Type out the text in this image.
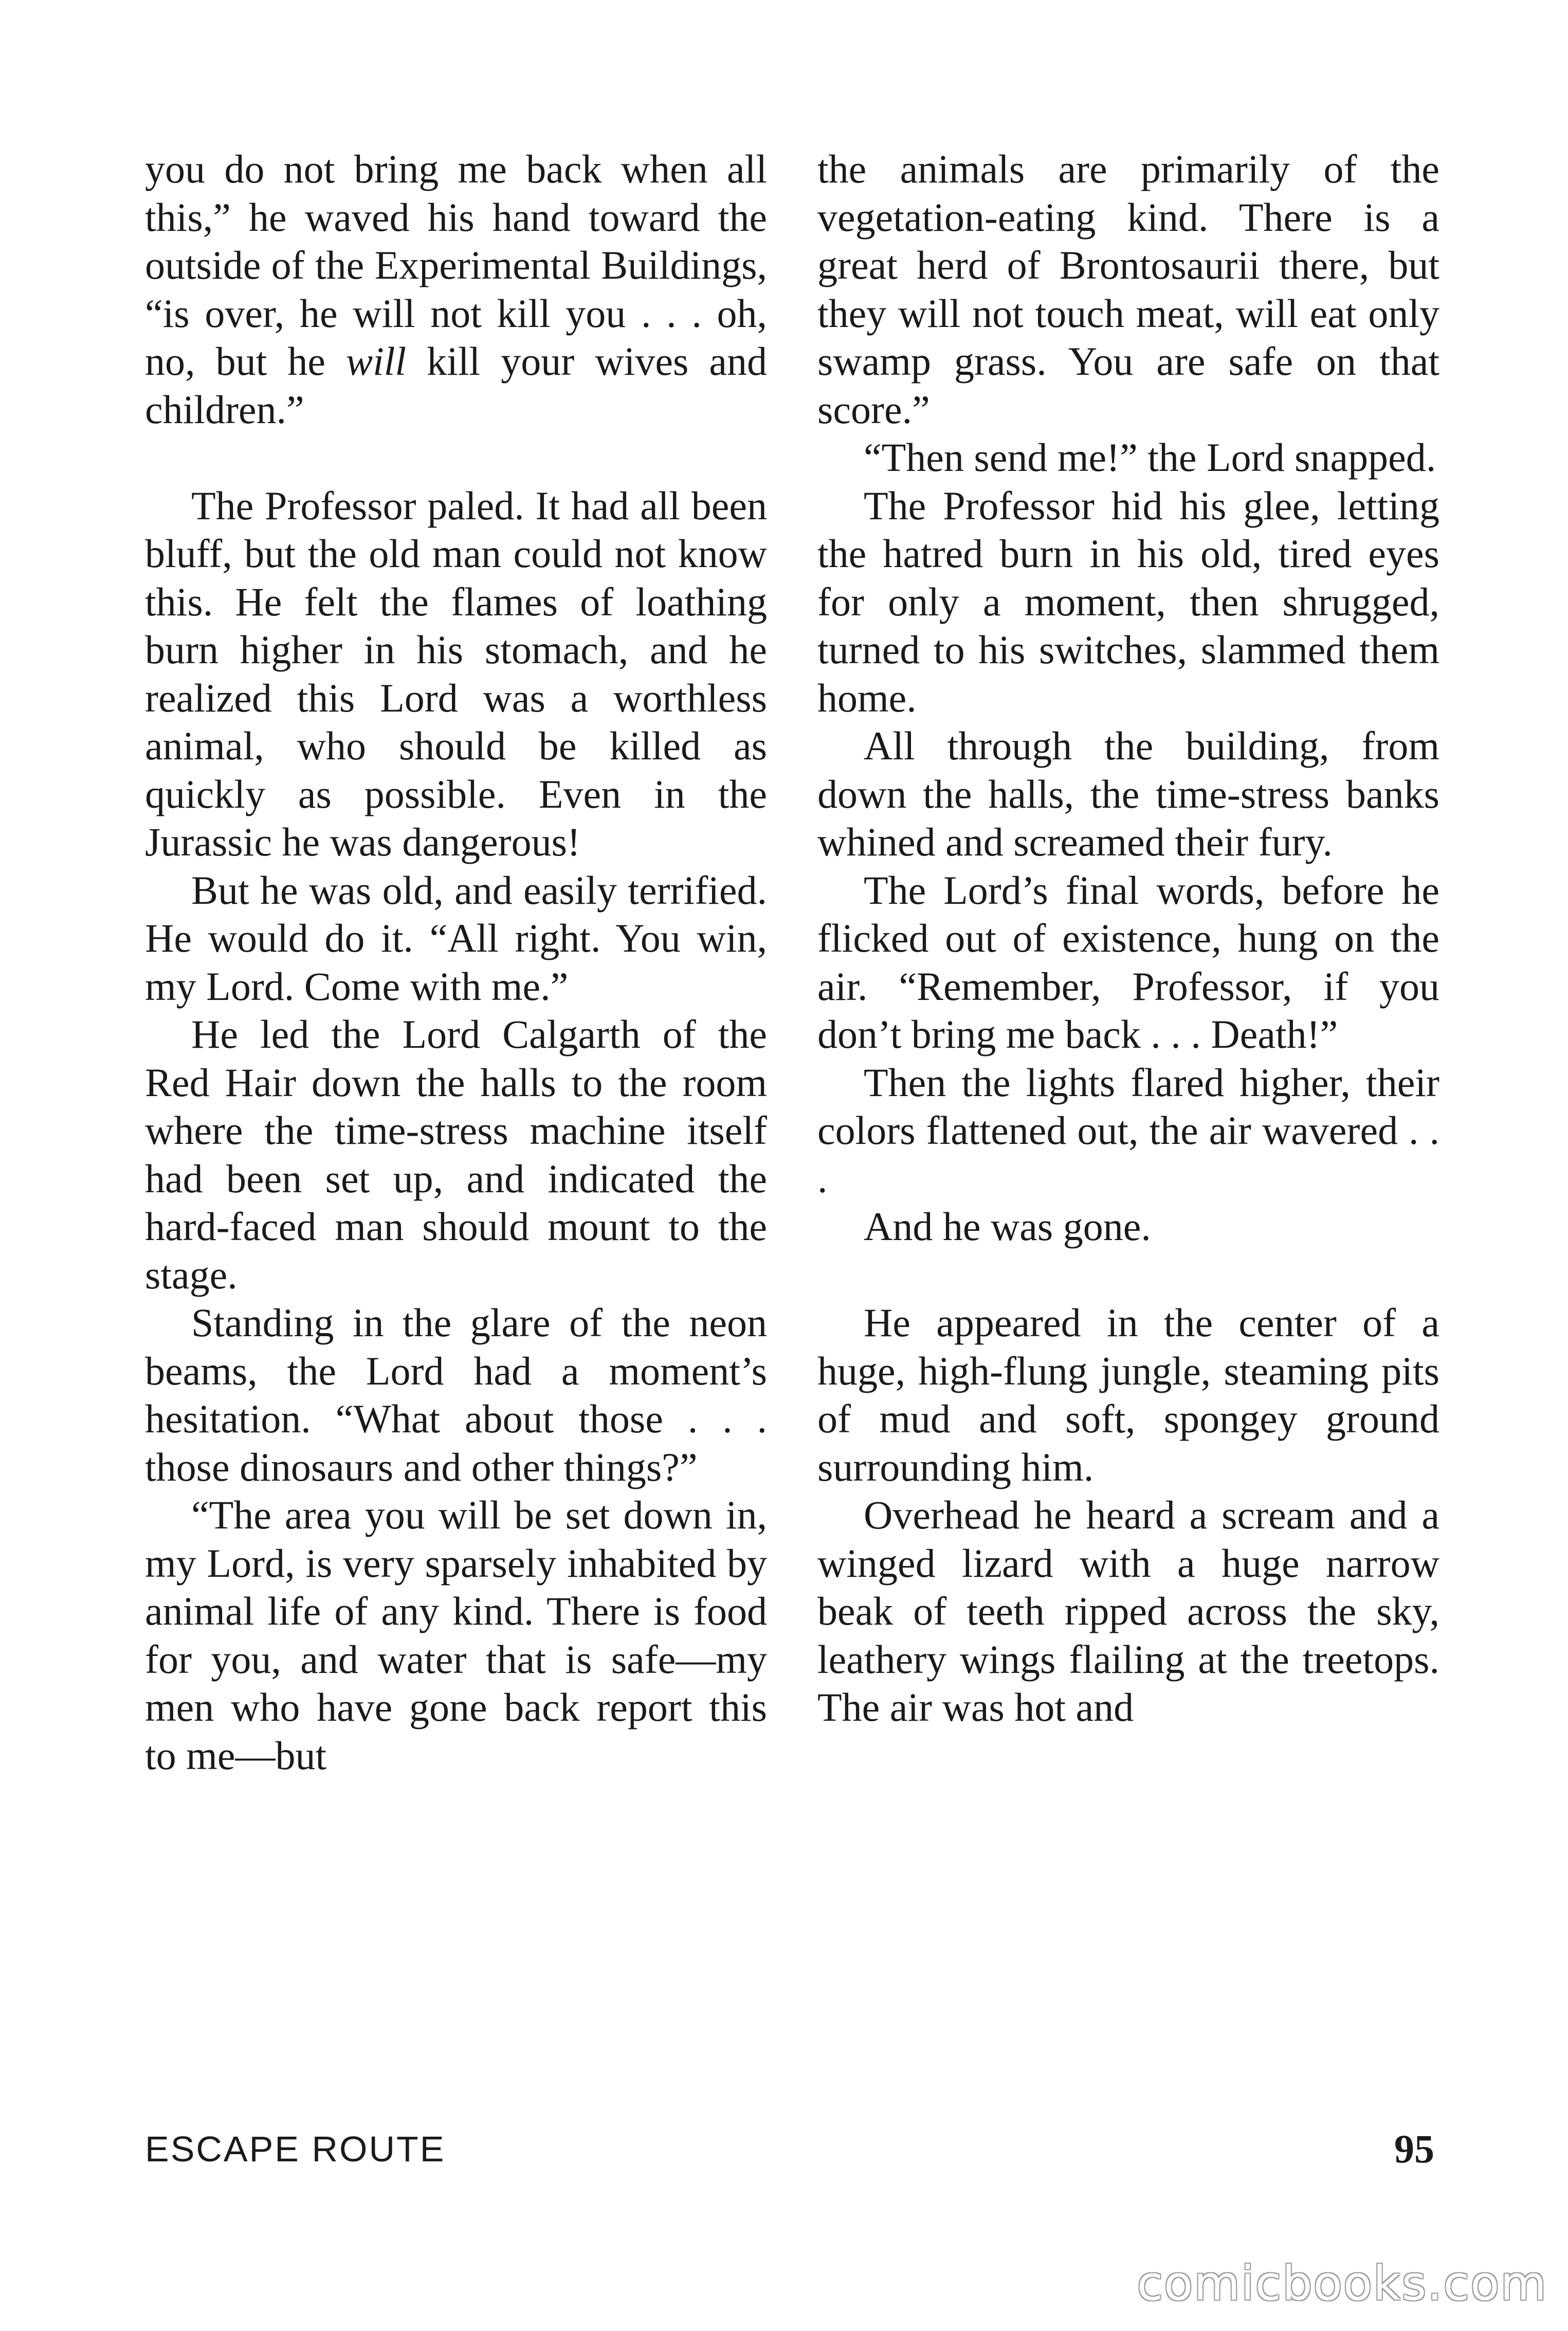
you do not bring me back when all this,” he waved his hand toward the outside of the Experimental Buildings, “is over, he will not kill you . . . oh, no, but he will kill your wives and children.”

The Professor paled. It had all been bluff, but the old man could not know this. He felt the flames of loathing burn higher in his stomach, and he realized this Lord was a worthless animal, who should be killed as quickly as possible. Even in the Jurassic he was dangerous!

But he was old, and easily terrified. He would do it. “All right. You win, my Lord. Come with me.”

He led the Lord Calgarth of the Red Hair down the halls to the room where the time-stress machine itself had been set up, and indicated the hard-faced man should mount to the stage.

Standing in the glare of the neon beams, the Lord had a moment’s hesitation. “What about those . . . those dinosaurs and other things?”

“The area you will be set down in, my Lord, is very sparsely inhabited by animal life of any kind. There is food for you, and water that is safe—my men who have gone back report this to me—but

the animals are primarily of the vegetation-eating kind. There is a great herd of Brontosaurii there, but they will not touch meat, will eat only swamp grass. You are safe on that score.”

“Then send me!” the Lord snapped.

The Professor hid his glee, letting the hatred burn in his old, tired eyes for only a moment, then shrugged, turned to his switches, slammed them home.

All through the building, from down the halls, the time-stress banks whined and screamed their fury.

The Lord’s final words, before he flicked out of existence, hung on the air. “Remember, Professor, if you don’t bring me back . . . Death!”

Then the lights flared higher, their colors flattened out, the air wavered . . .

And he was gone.

He appeared in the center of a huge, high-flung jungle, steaming pits of mud and soft, spongey ground surrounding him.

Overhead he heard a scream and a winged lizard with a huge narrow beak of teeth ripped across the sky, leathery wings flailing at the treetops. The air was hot and

ESCAPE ROUTE	95
comicbooks.com
